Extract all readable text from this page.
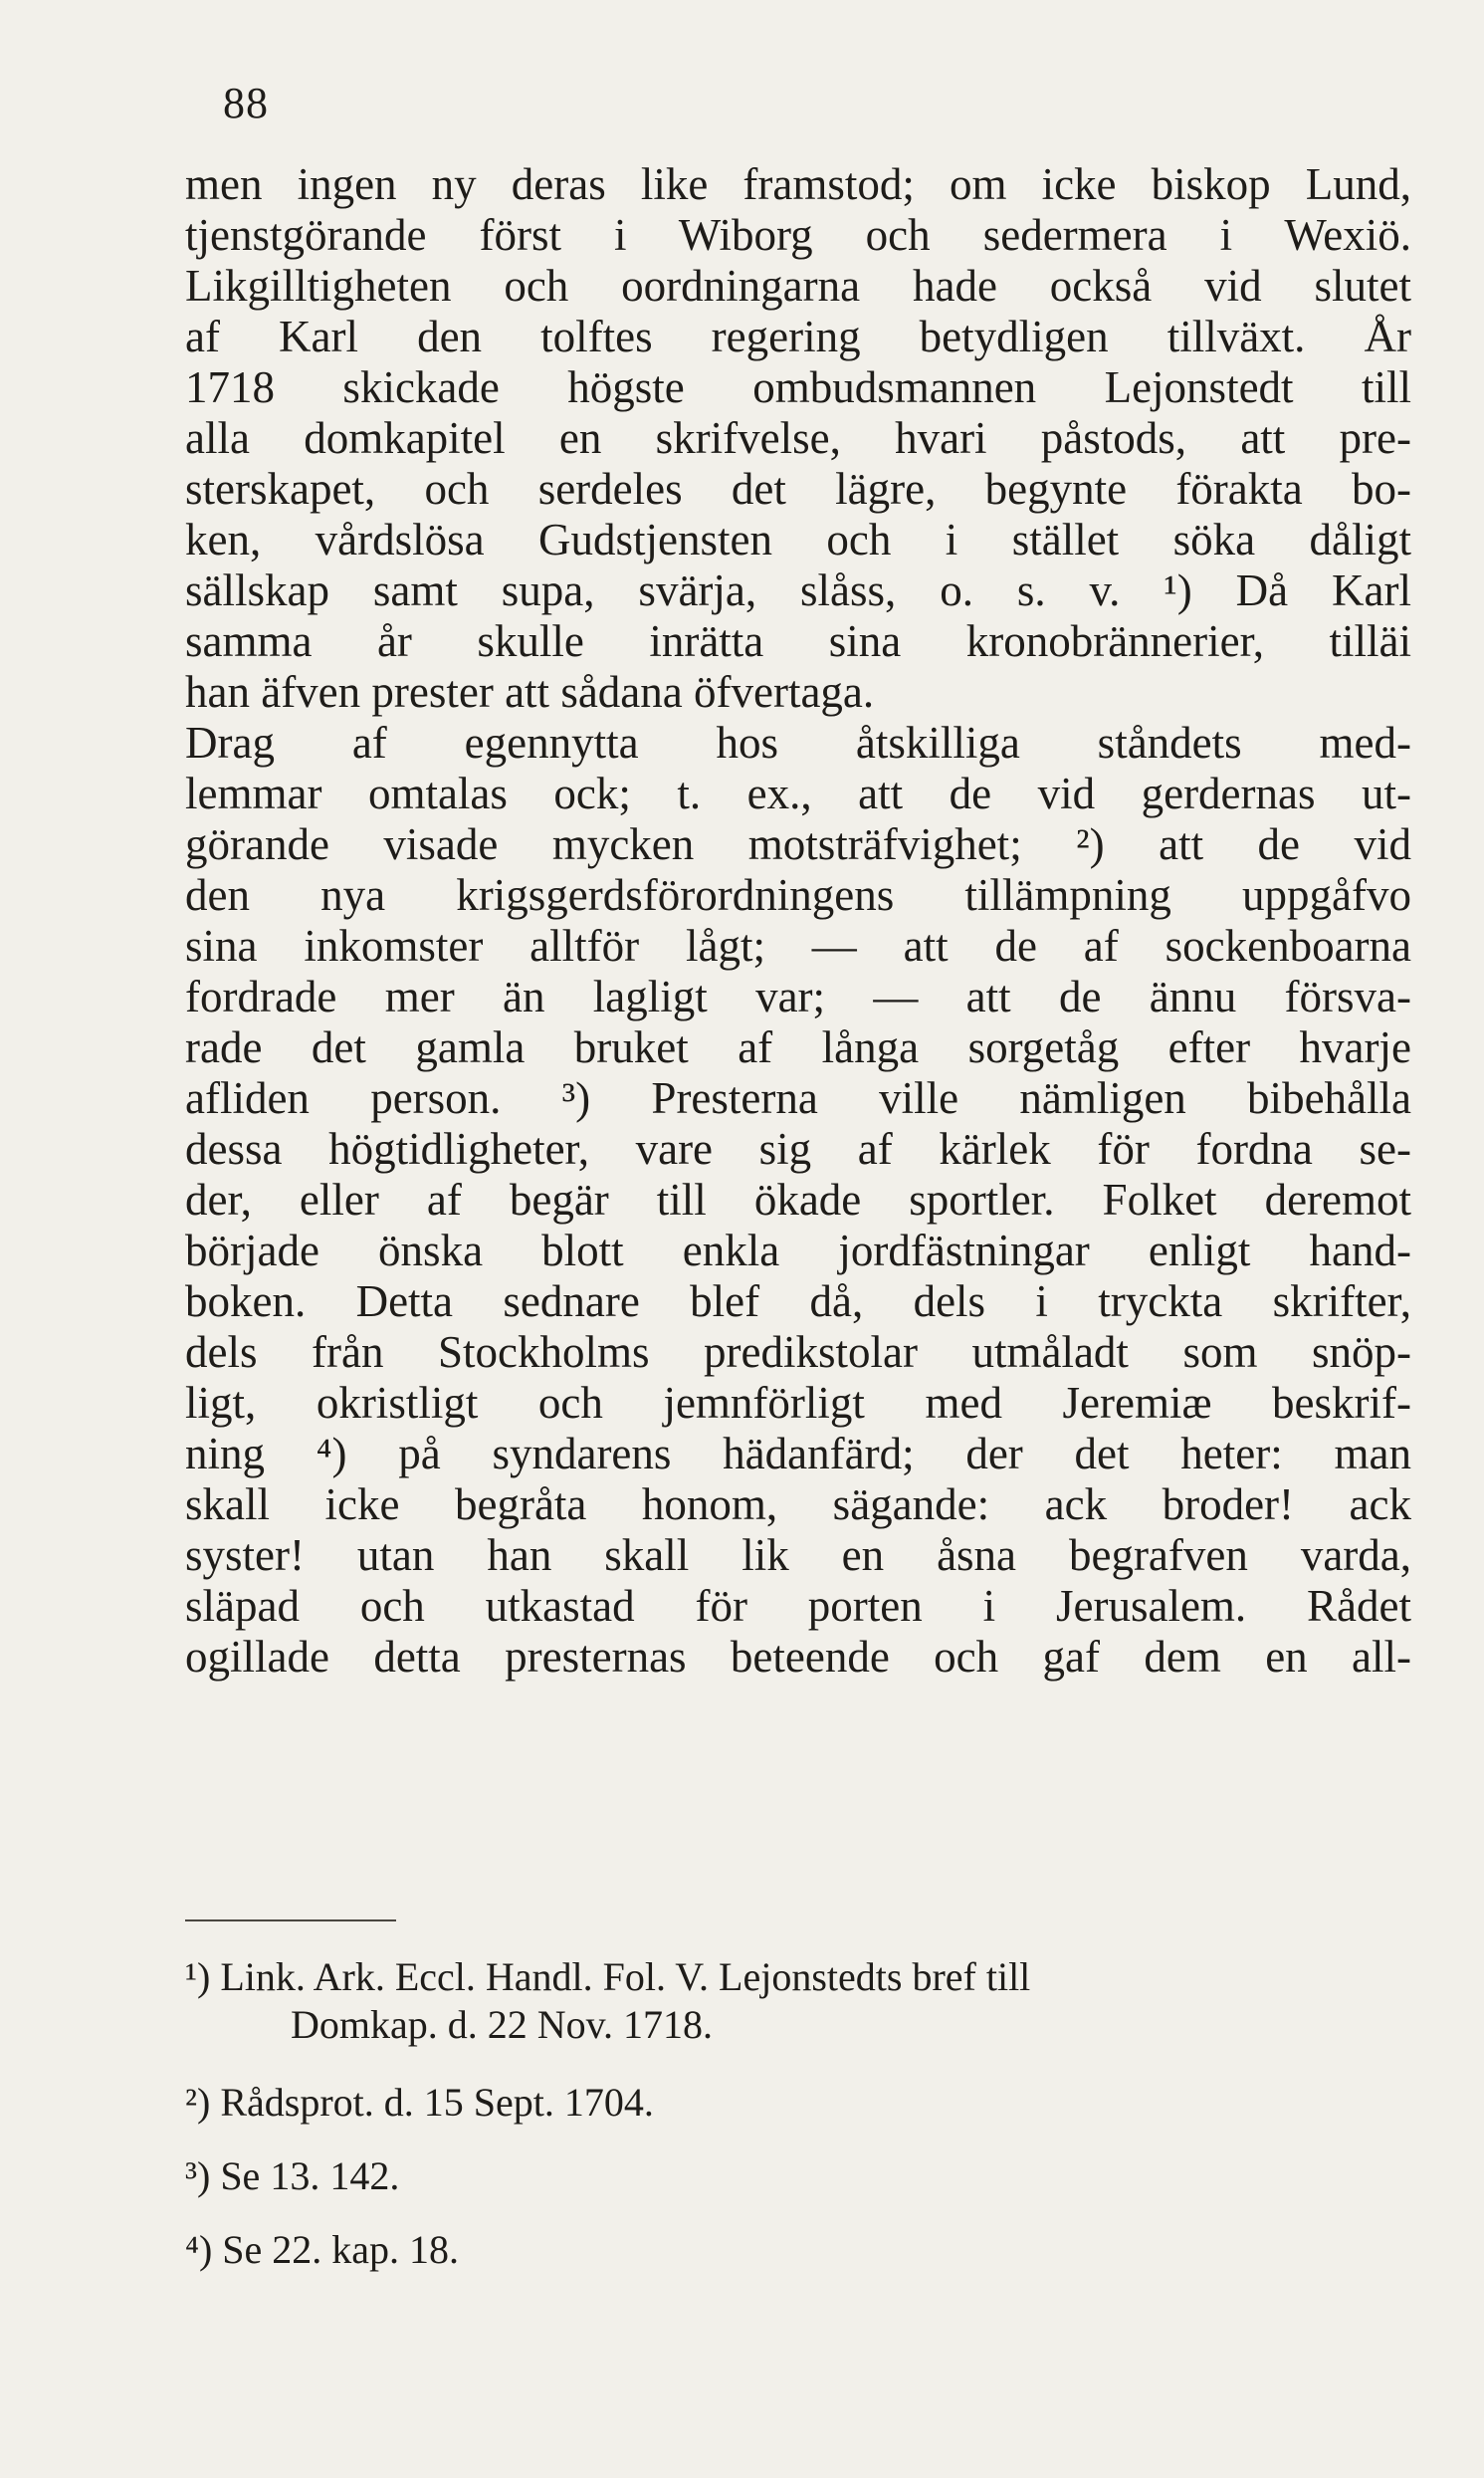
88
men ingen ny deras like framstod; om icke biskop Lund,
tjenstgörande först i Wiborg och sedermera i Wexiö.
Likgilltigheten och oordningarna hade också vid slutet
af Karl den tolftes regering betydligen tillväxt. År
1718 skickade högste ombudsmannen Lejonstedt till
alla domkapitel en skrifvelse, hvari påstods, att pre-
sterskapet, och serdeles det lägre, begynte förakta bo-
ken, vårdslösa Gudstjensten och i stället söka dåligt
sällskap samt supa, svärja, slåss, o. s. v. ¹) Då Karl
samma år skulle inrätta sina kronobrännerier, tilläi
han äfven prester att sådana öfvertaga.
Drag af egennytta hos åtskilliga ståndets med-
lemmar omtalas ock; t. ex., att de vid gerdernas ut-
görande visade mycken motsträfvighet; ²) att de vid
den nya krigsgerdsförordningens tillämpning uppgåfvo
sina inkomster alltför lågt; — att de af sockenboarna
fordrade mer än lagligt var; — att de ännu försva-
rade det gamla bruket af långa sorgetåg efter hvarje
afliden person. ³) Presterna ville nämligen bibehålla
dessa högtidligheter, vare sig af kärlek för fordna se-
der, eller af begär till ökade sportler. Folket deremot
började önska blott enkla jordfästningar enligt hand-
boken. Detta sednare blef då, dels i tryckta skrifter,
dels från Stockholms predikstolar utmåladt som snöp-
ligt, okristligt och jemnförligt med Jeremiæ beskrif-
ning ⁴) på syndarens hädanfärd; der det heter: man
skall icke begråta honom, sägande: ack broder! ack
syster! utan han skall lik en åsna begrafven varda,
släpad och utkastad för porten i Jerusalem. Rådet
ogillade detta presternas beteende och gaf dem en all-
¹) Link. Ark. Eccl. Handl. Fol. V. Lejonstedts bref till
Domkap. d. 22 Nov. 1718.
²) Rådsprot. d. 15 Sept. 1704.
³) Se 13. 142.
⁴) Se 22. kap. 18.
